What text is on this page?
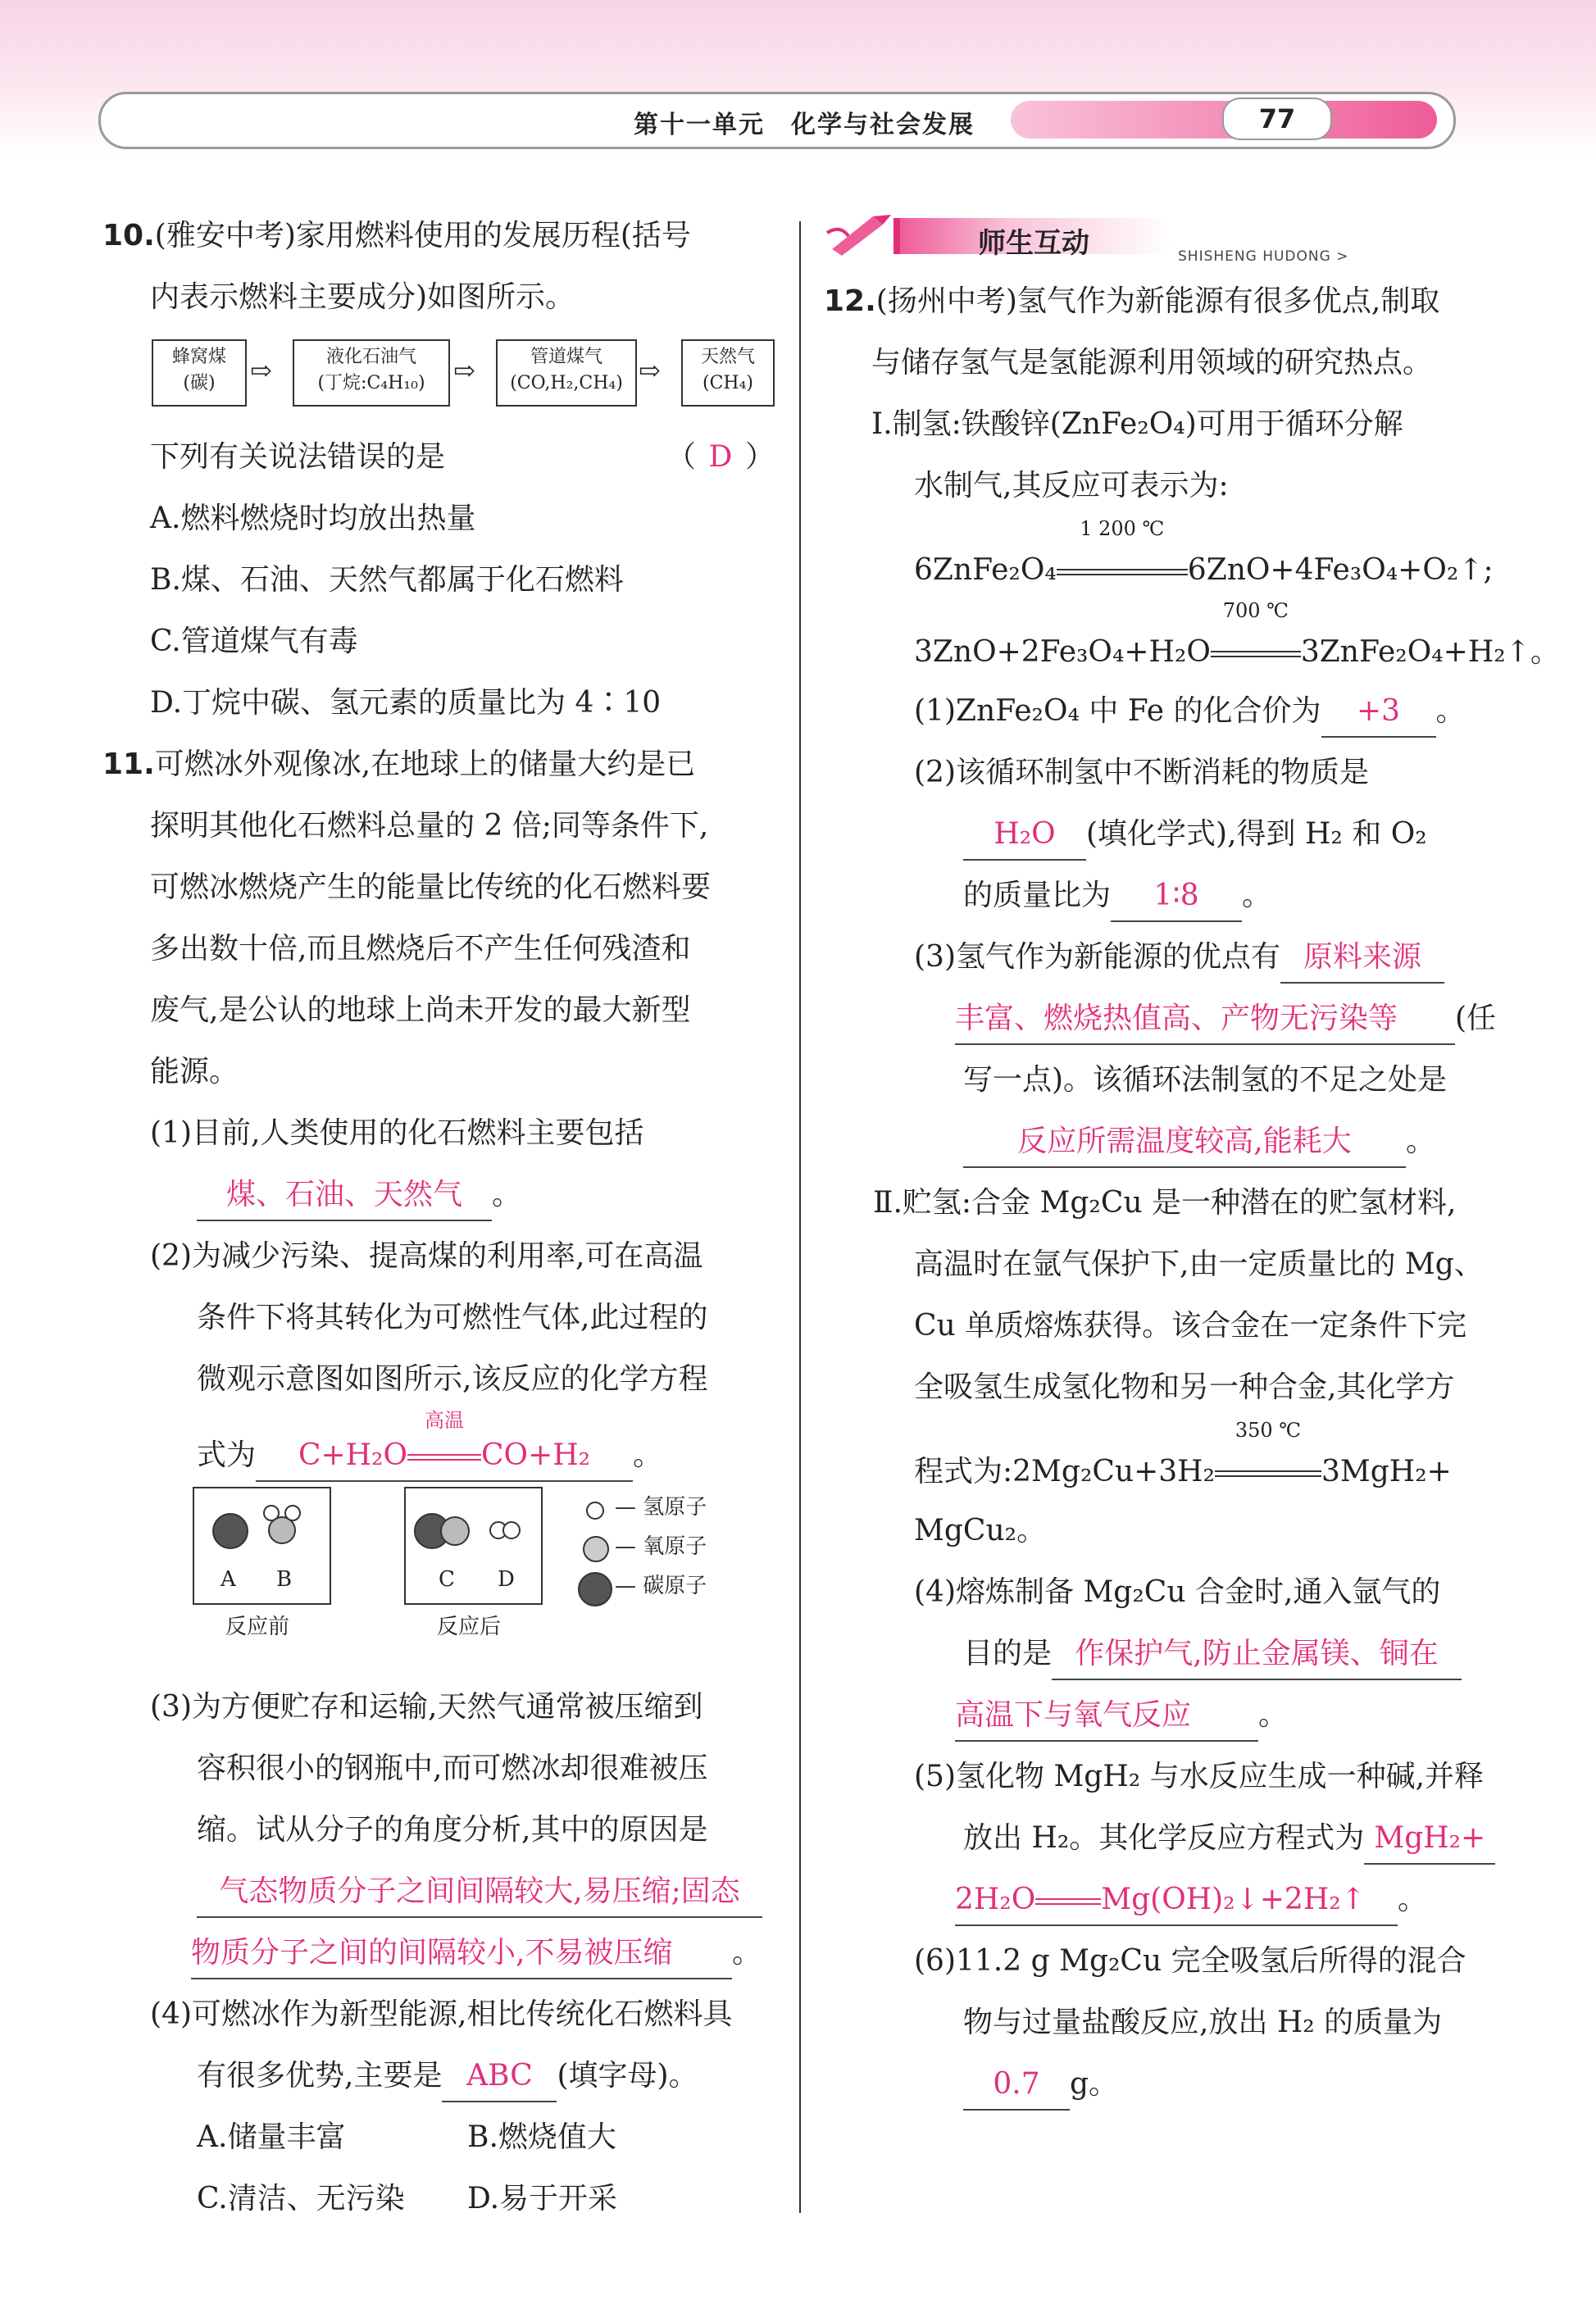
第十一单元　化学与社会发展	77
10.(雅安中考)家用燃料使用的发展历程(括号
内表示燃料主要成分)如图所示。
蜂窝煤
(碳)	⇨	液化石油气
(丁烷:C₄H₁₀)	⇨	管道煤气
(CO,H₂,CH₄) ⇨	天然气
(CH₄)
下列有关说法错误的是	（ D ）
A.燃料燃烧时均放出热量
B.煤、石油、天然气都属于化石燃料
C.管道煤气有毒
D.丁烷中碳、氢元素的质量比为 4∶10
11.可燃冰外观像冰,在地球上的储量大约是已
探明其他化石燃料总量的 2 倍;同等条件下,
可燃冰燃烧产生的能量比传统的化石燃料要
多出数十倍,而且燃烧后不产生任何残渣和
废气,是公认的地球上尚未开发的最大新型
能源。
(1)目前,人类使用的化石燃料主要包括
煤、石油、天然气 。
(2)为减少污染、提高煤的利用率,可在高温
条件下将其转化为可燃性气体,此过程的
微观示意图如图所示,该反应的化学方程
式为 C+H₂O
高温
CO+H₂ 。
A B
反应前
C D
反应后
— 氢原子
— 氧原子
— 碳原子
(3)为方便贮存和运输,天然气通常被压缩到
容积很小的钢瓶中,而可燃冰却很难被压
缩。试从分子的角度分析,其中的原因是
气态物质分子之间间隔较大,易压缩;固态
物质分子之间的间隔较小,不易被压缩 。
(4)可燃冰作为新型能源,相比传统化石燃料具
有很多优势,主要是 ABC (填字母)。
A.储量丰富	B.燃烧值大
C.清洁、无污染 D.易于开采
师生互动	SHISHENG HUDONG >
12.(扬州中考)氢气作为新能源有很多优点,制取
与储存氢气是氢能源利用领域的研究热点。
Ⅰ.制氢:铁酸锌(ZnFe₂O₄)可用于循环分解
水制气,其反应可表示为:
6ZnFe₂O₄
1 200 ℃
6ZnO+4Fe₃O₄+O₂↑;
3ZnO+2Fe₃O₄+H₂O
700 ℃
3ZnFe₂O₄+H₂↑。
(1)ZnFe₂O₄ 中 Fe 的化合价为 +3 。
(2)该循环制氢中不断消耗的物质是
H₂O (填化学式),得到 H₂ 和 O₂
的质量比为 1∶8 。
(3)氢气作为新能源的优点有 原料来源
丰富、燃烧热值高、产物无污染等 (任
写一点)。该循环法制氢的不足之处是
反应所需温度较高,能耗大 。
Ⅱ.贮氢:合金 Mg₂Cu 是一种潜在的贮氢材料,
高温时在氩气保护下,由一定质量比的 Mg、
Cu 单质熔炼获得。该合金在一定条件下完
全吸氢生成氢化物和另一种合金,其化学方
程式为:2Mg₂Cu+3H₂
350 ℃
3MgH₂+
MgCu₂。
(4)熔炼制备 Mg₂Cu 合金时,通入氩气的
目的是 作保护气,防止金属镁、铜在
高温下与氧气反应 。
(5)氢化物 MgH₂ 与水反应生成一种碱,并释
放出 H₂。其化学反应方程式为 MgH₂+
2H₂O Mg(OH)₂↓+2H₂↑ 。
(6)11.2 g Mg₂Cu 完全吸氢后所得的混合
物与过量盐酸反应,放出 H₂ 的质量为
0.7 g。
